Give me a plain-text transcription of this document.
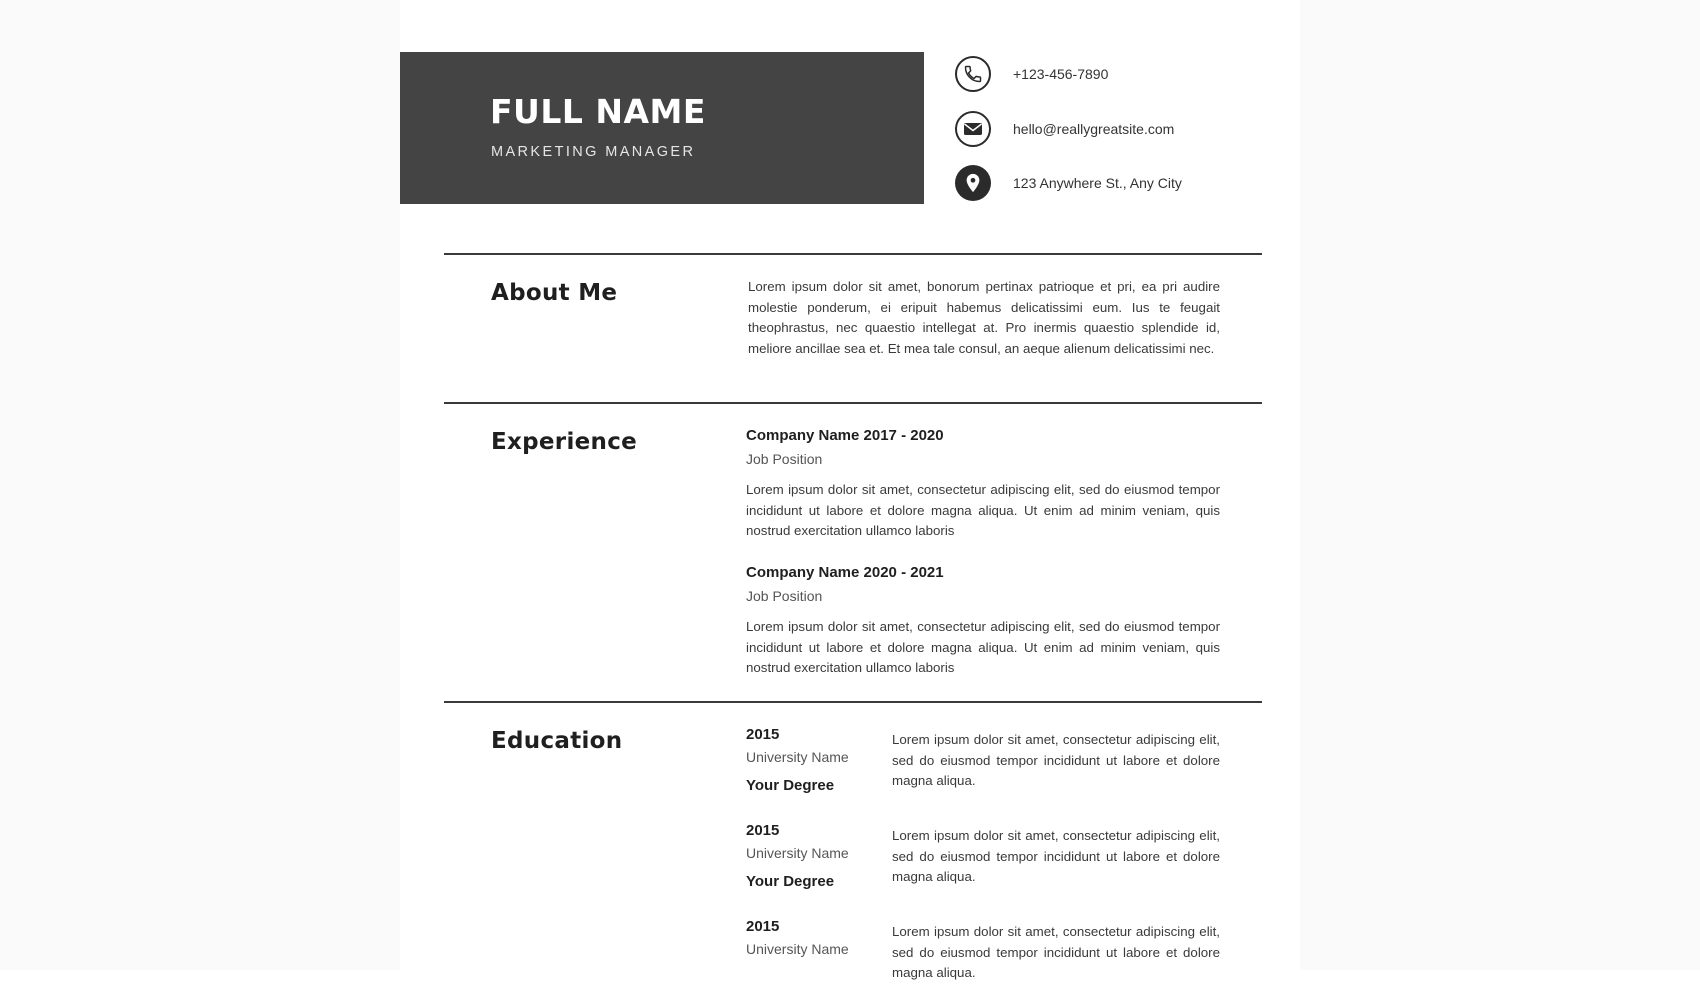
FULL NAME
MARKETING MANAGER
+123-456-7890
hello@reallygreatsite.com
123 Anywhere St., Any City
About Me	Lorem ipsum dolor sit amet, bonorum pertinax patrioque et pri, ea pri audire molestie ponderum, ei eripuit habemus delicatissimi eum. Ius te feugait theophrastus, nec quaestio intellegat at. Pro inermis quaestio splendide id, meliore ancillae sea et. Et mea tale consul, an aeque alienum delicatissimi nec.
Experience	Company Name 2017 - 2020
Job Position
Lorem ipsum dolor sit amet, consectetur adipiscing elit, sed do eiusmod tempor incididunt ut labore et dolore magna aliqua. Ut enim ad minim veniam, quis nostrud exercitation ullamco laboris
Company Name 2020 - 2021
Job Position
Lorem ipsum dolor sit amet, consectetur adipiscing elit, sed do eiusmod tempor incididunt ut labore et dolore magna aliqua. Ut enim ad minim veniam, quis nostrud exercitation ullamco laboris
Education	2015
University Name
Your Degree
Lorem ipsum dolor sit amet, consectetur adipiscing elit, sed do eiusmod tempor incididunt ut labore et dolore magna aliqua.
2015
University Name
Your Degree
Lorem ipsum dolor sit amet, consectetur adipiscing elit, sed do eiusmod tempor incididunt ut labore et dolore magna aliqua.
2015
University Name
Lorem ipsum dolor sit amet, consectetur adipiscing elit, sed do eiusmod tempor incididunt ut labore et dolore magna aliqua.
